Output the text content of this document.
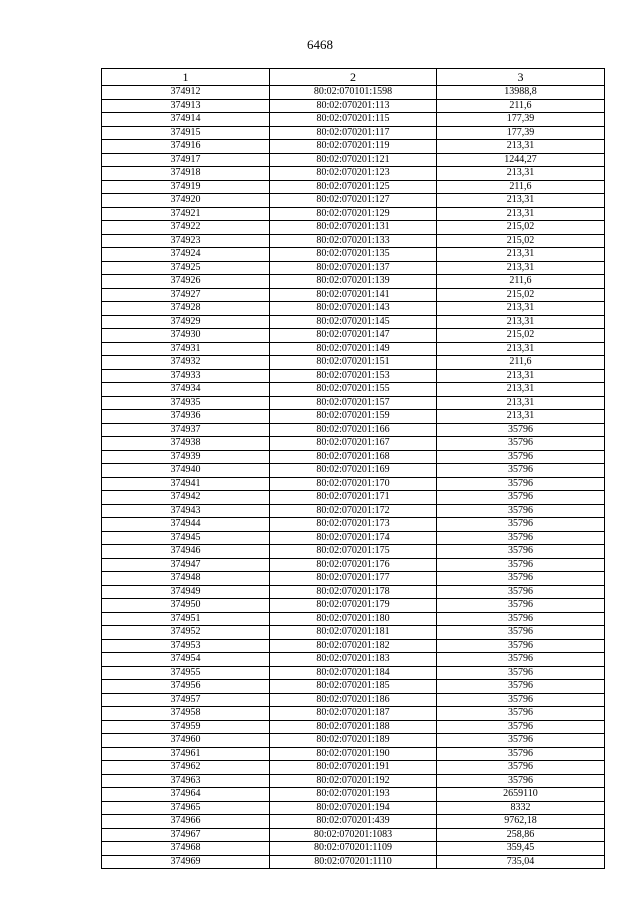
6468
1	2	3
374912	80:02:070101:1598	13988,8
374913	80:02:070201:113	211,6
374914	80:02:070201:115	177,39
374915	80:02:070201:117	177,39
374916	80:02:070201:119	213,31
374917	80:02:070201:121	1244,27
374918	80:02:070201:123	213,31
374919	80:02:070201:125	211,6
374920	80:02:070201:127	213,31
374921	80:02:070201:129	213,31
374922	80:02:070201:131	215,02
374923	80:02:070201:133	215,02
374924	80:02:070201:135	213,31
374925	80:02:070201:137	213,31
374926	80:02:070201:139	211,6
374927	80:02:070201:141	215,02
374928	80:02:070201:143	213,31
374929	80:02:070201:145	213,31
374930	80:02:070201:147	215,02
374931	80:02:070201:149	213,31
374932	80:02:070201:151	211,6
374933	80:02:070201:153	213,31
374934	80:02:070201:155	213,31
374935	80:02:070201:157	213,31
374936	80:02:070201:159	213,31
374937	80:02:070201:166	35796
374938	80:02:070201:167	35796
374939	80:02:070201:168	35796
374940	80:02:070201:169	35796
374941	80:02:070201:170	35796
374942	80:02:070201:171	35796
374943	80:02:070201:172	35796
374944	80:02:070201:173	35796
374945	80:02:070201:174	35796
374946	80:02:070201:175	35796
374947	80:02:070201:176	35796
374948	80:02:070201:177	35796
374949	80:02:070201:178	35796
374950	80:02:070201:179	35796
374951	80:02:070201:180	35796
374952	80:02:070201:181	35796
374953	80:02:070201:182	35796
374954	80:02:070201:183	35796
374955	80:02:070201:184	35796
374956	80:02:070201:185	35796
374957	80:02:070201:186	35796
374958	80:02:070201:187	35796
374959	80:02:070201:188	35796
374960	80:02:070201:189	35796
374961	80:02:070201:190	35796
374962	80:02:070201:191	35796
374963	80:02:070201:192	35796
374964	80:02:070201:193	2659110
374965	80:02:070201:194	8332
374966	80:02:070201:439	9762,18
374967	80:02:070201:1083	258,86
374968	80:02:070201:1109	359,45
374969	80:02:070201:1110	735,04
